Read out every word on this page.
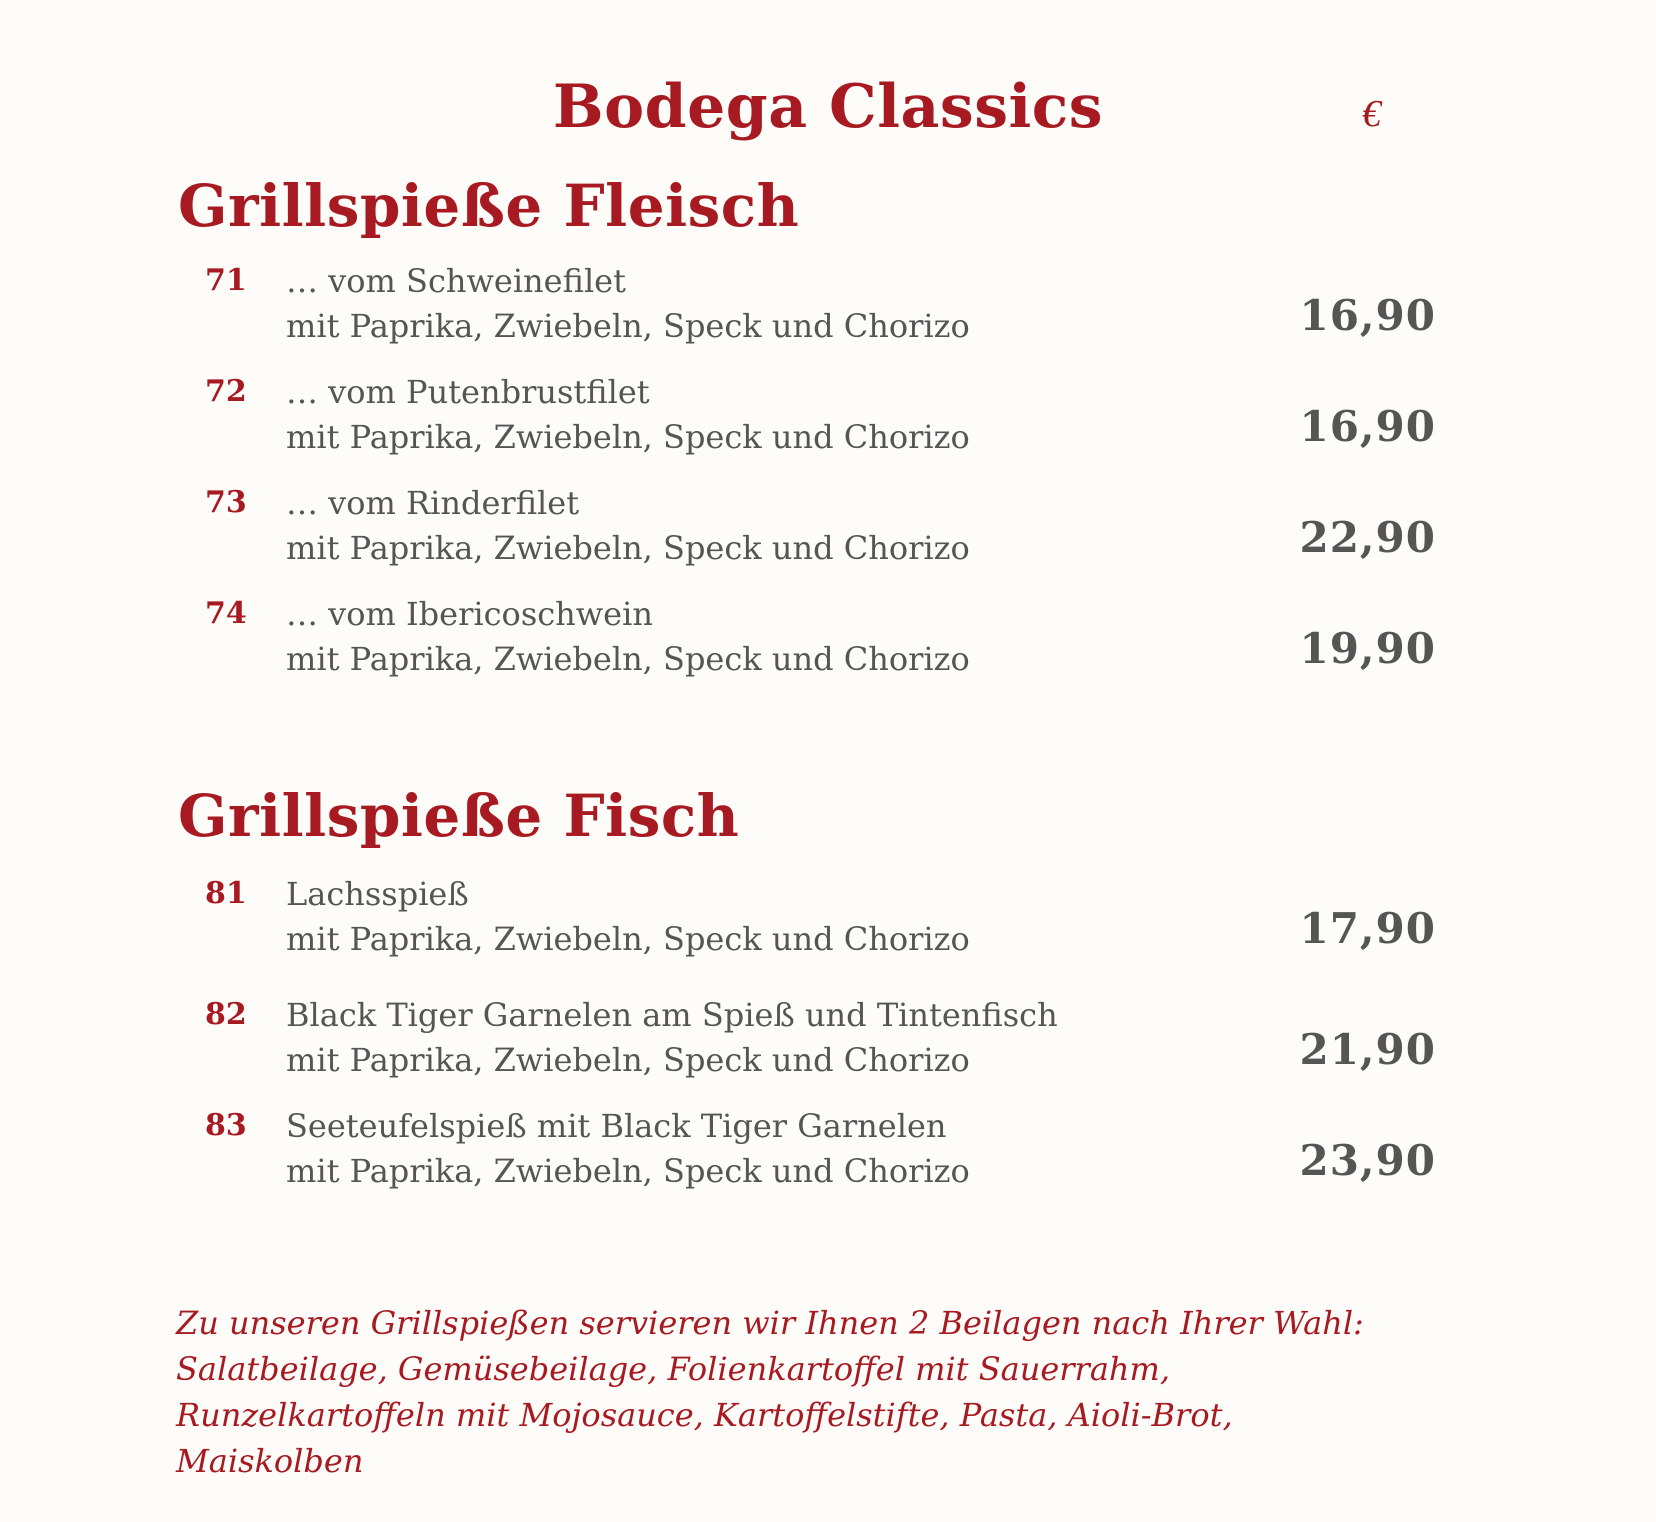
Bodega Classics	€
Grillspieße Fleisch
71 … vom Schweinefilet
mit Paprika, Zwiebeln, Speck und Chorizo	16,90
72 … vom Putenbrustfilet
mit Paprika, Zwiebeln, Speck und Chorizo	16,90
73 … vom Rinderfilet
mit Paprika, Zwiebeln, Speck und Chorizo	22,90
74 … vom Ibericoschwein
mit Paprika, Zwiebeln, Speck und Chorizo	19,90
Grillspieße Fisch
81 Lachsspieß
mit Paprika, Zwiebeln, Speck und Chorizo	17,90
82 Black Tiger Garnelen am Spieß und Tintenfisch
mit Paprika, Zwiebeln, Speck und Chorizo	21,90
83 Seeteufelspieß mit Black Tiger Garnelen
mit Paprika, Zwiebeln, Speck und Chorizo	23,90
Zu unseren Grillspießen servieren wir Ihnen 2 Beilagen nach Ihrer Wahl:
Salatbeilage, Gemüsebeilage, Folienkartoffel mit Sauerrahm,
Runzelkartoffeln mit Mojosauce, Kartoffelstifte, Pasta, Aioli-Brot,
Maiskolben
